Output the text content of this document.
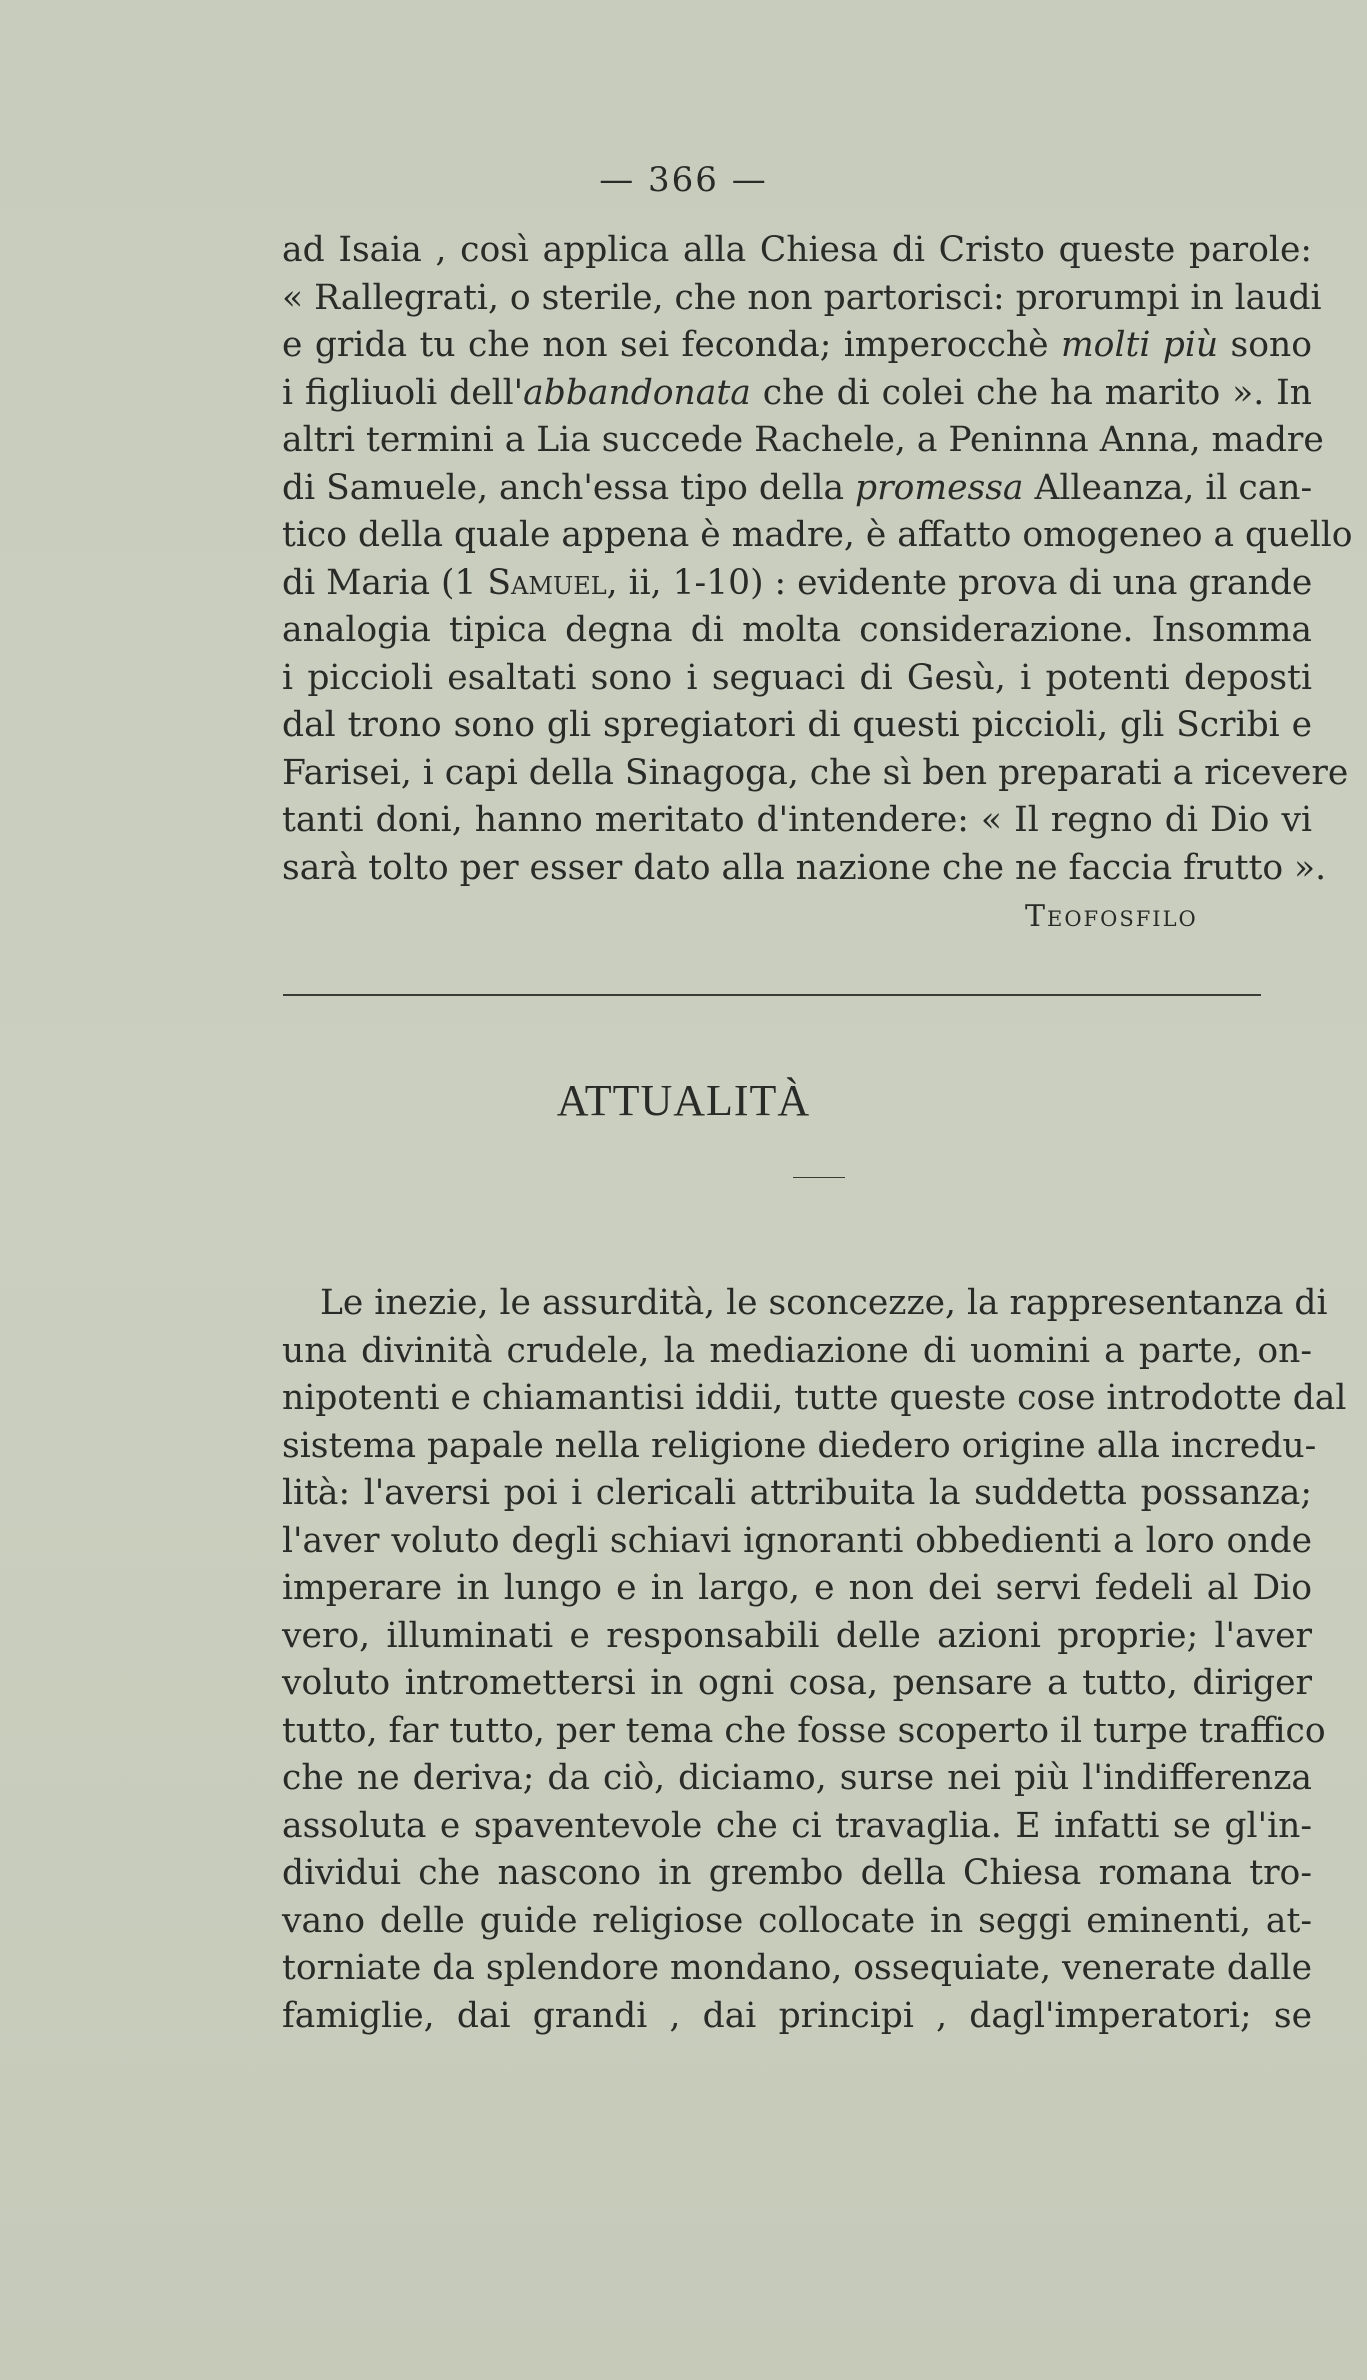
— 366 —
ad Isaia , così applica alla Chiesa di Cristo queste parole:
« Rallegrati, o sterile, che non partorisci: prorumpi in laudi
e grida tu che non sei feconda; imperocchè molti più sono
i figliuoli dell'abbandonata che di colei che ha marito ». In
altri termini a Lia succede Rachele, a Peninna Anna, madre
di Samuele, anch'essa tipo della promessa Alleanza, il can-
tico della quale appena è madre, è affatto omogeneo a quello
di Maria (1 Samuel, ii, 1-10) : evidente prova di una grande
analogia tipica degna di molta considerazione. Insomma
i piccioli esaltati sono i seguaci di Gesù, i potenti deposti
dal trono sono gli spregiatori di questi piccioli, gli Scribi e
Farisei, i capi della Sinagoga, che sì ben preparati a ricevere
tanti doni, hanno meritato d'intendere: « Il regno di Dio vi
sarà tolto per esser dato alla nazione che ne faccia frutto ».
Teofosfilo
ATTUALITÀ
Le inezie, le assurdità, le sconcezze, la rappresentanza di
una divinità crudele, la mediazione di uomini a parte, on-
nipotenti e chiamantisi iddii, tutte queste cose introdotte dal
sistema papale nella religione diedero origine alla incredu-
lità: l'aversi poi i clericali attribuita la suddetta possanza;
l'aver voluto degli schiavi ignoranti obbedienti a loro onde
imperare in lungo e in largo, e non dei servi fedeli al Dio
vero, illuminati e responsabili delle azioni proprie; l'aver
voluto intromettersi in ogni cosa, pensare a tutto, diriger
tutto, far tutto, per tema che fosse scoperto il turpe traffico
che ne deriva; da ciò, diciamo, surse nei più l'indifferenza
assoluta e spaventevole che ci travaglia. E infatti se gl'in-
dividui che nascono in grembo della Chiesa romana tro-
vano delle guide religiose collocate in seggi eminenti, at-
torniate da splendore mondano, ossequiate, venerate dalle
famiglie, dai grandi , dai principi , dagl'imperatori; se
